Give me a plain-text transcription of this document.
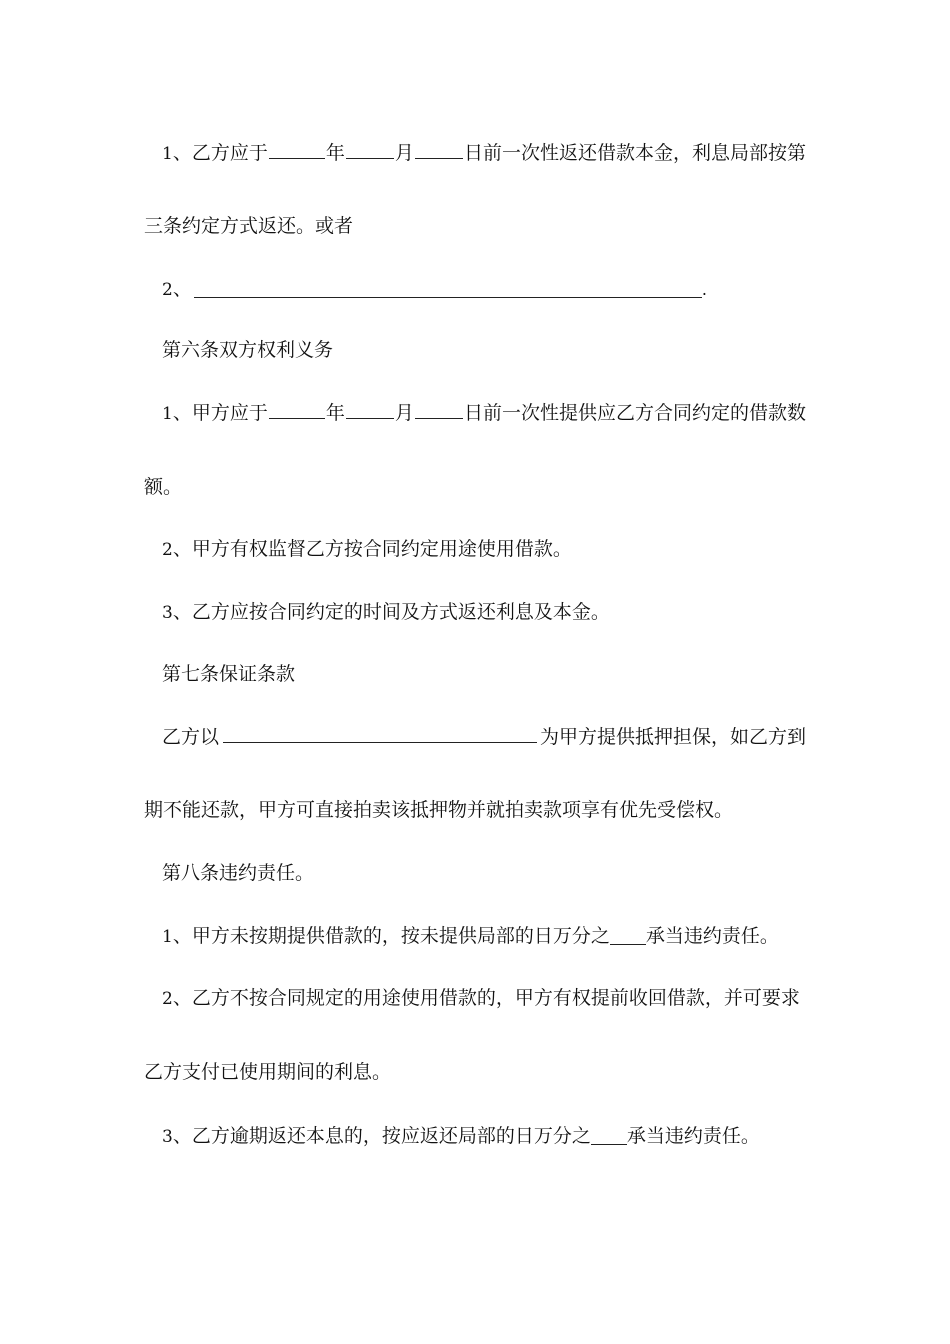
1、乙方应于	年	月	日前一次性返还借款本金，利息局部按第
三条约定方式返还。或者
2、	.
第六条双方权利义务
1、甲方应于	年	月	日前一次性提供应乙方合同约定的借款数
额。
2、甲方有权监督乙方按合同约定用途使用借款。
3、乙方应按合同约定的时间及方式返还利息及本金。
第七条保证条款
乙方以	为甲方提供抵押担保，如乙方到
期不能还款，甲方可直接拍卖该抵押物并就拍卖款项享有优先受偿权。
第八条违约责任。
1、甲方未按期提供借款的，按未提供局部的日万分之 承当违约责任。
2、乙方不按合同规定的用途使用借款的，甲方有权提前收回借款，并可要求
乙方支付已使用期间的利息。
3、乙方逾期返还本息的，按应返还局部的日万分之 承当违约责任。
